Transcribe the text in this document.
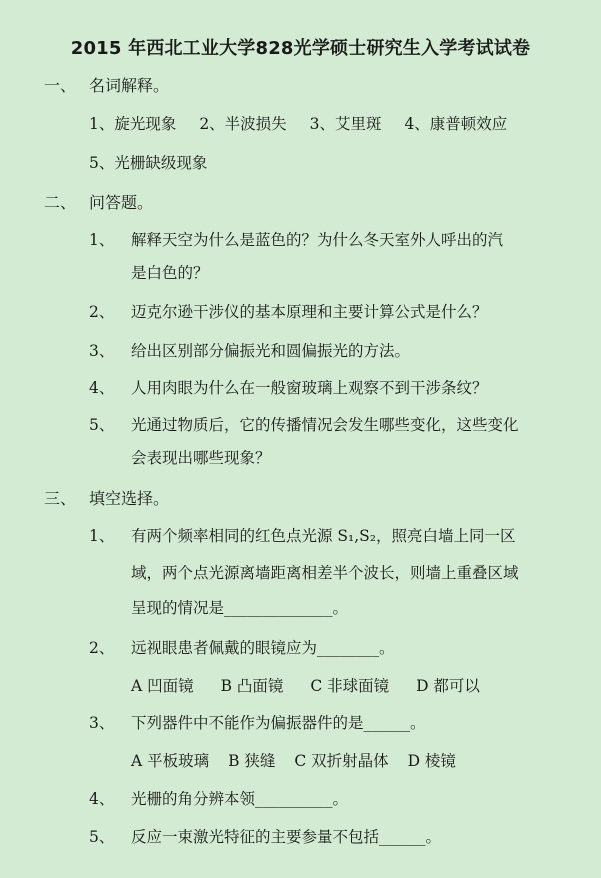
2015 年西北工业大学828光学硕士研究生入学考试试卷
一、 名词解释。
1、旋光现象 2、半波损失 3、艾里斑 4、康普顿效应
5、光栅缺级现象
二、 问答题。
1、 解释天空为什么是蓝色的？为什么冬天室外人呼出的汽
是白色的？
2、 迈克尔逊干涉仪的基本原理和主要计算公式是什么？
3、 给出区别部分偏振光和圆偏振光的方法。
4、 人用肉眼为什么在一般窗玻璃上观察不到干涉条纹？
5、 光通过物质后，它的传播情况会发生哪些变化，这些变化
会表现出哪些现象？
三、 填空选择。
1、 有两个频率相同的红色点光源 S₁,S₂，照亮白墙上同一区
域，两个点光源离墙距离相差半个波长，则墙上重叠区域
呈现的情况是______________。
2、 远视眼患者佩戴的眼镜应为________。
A 凹面镜 B 凸面镜 C 非球面镜 D 都可以
3、 下列器件中不能作为偏振器件的是______。
A 平板玻璃 B 狭缝 C 双折射晶体 D 棱镜
4、 光栅的角分辨本领__________。
5、 反应一束激光特征的主要参量不包括______。
